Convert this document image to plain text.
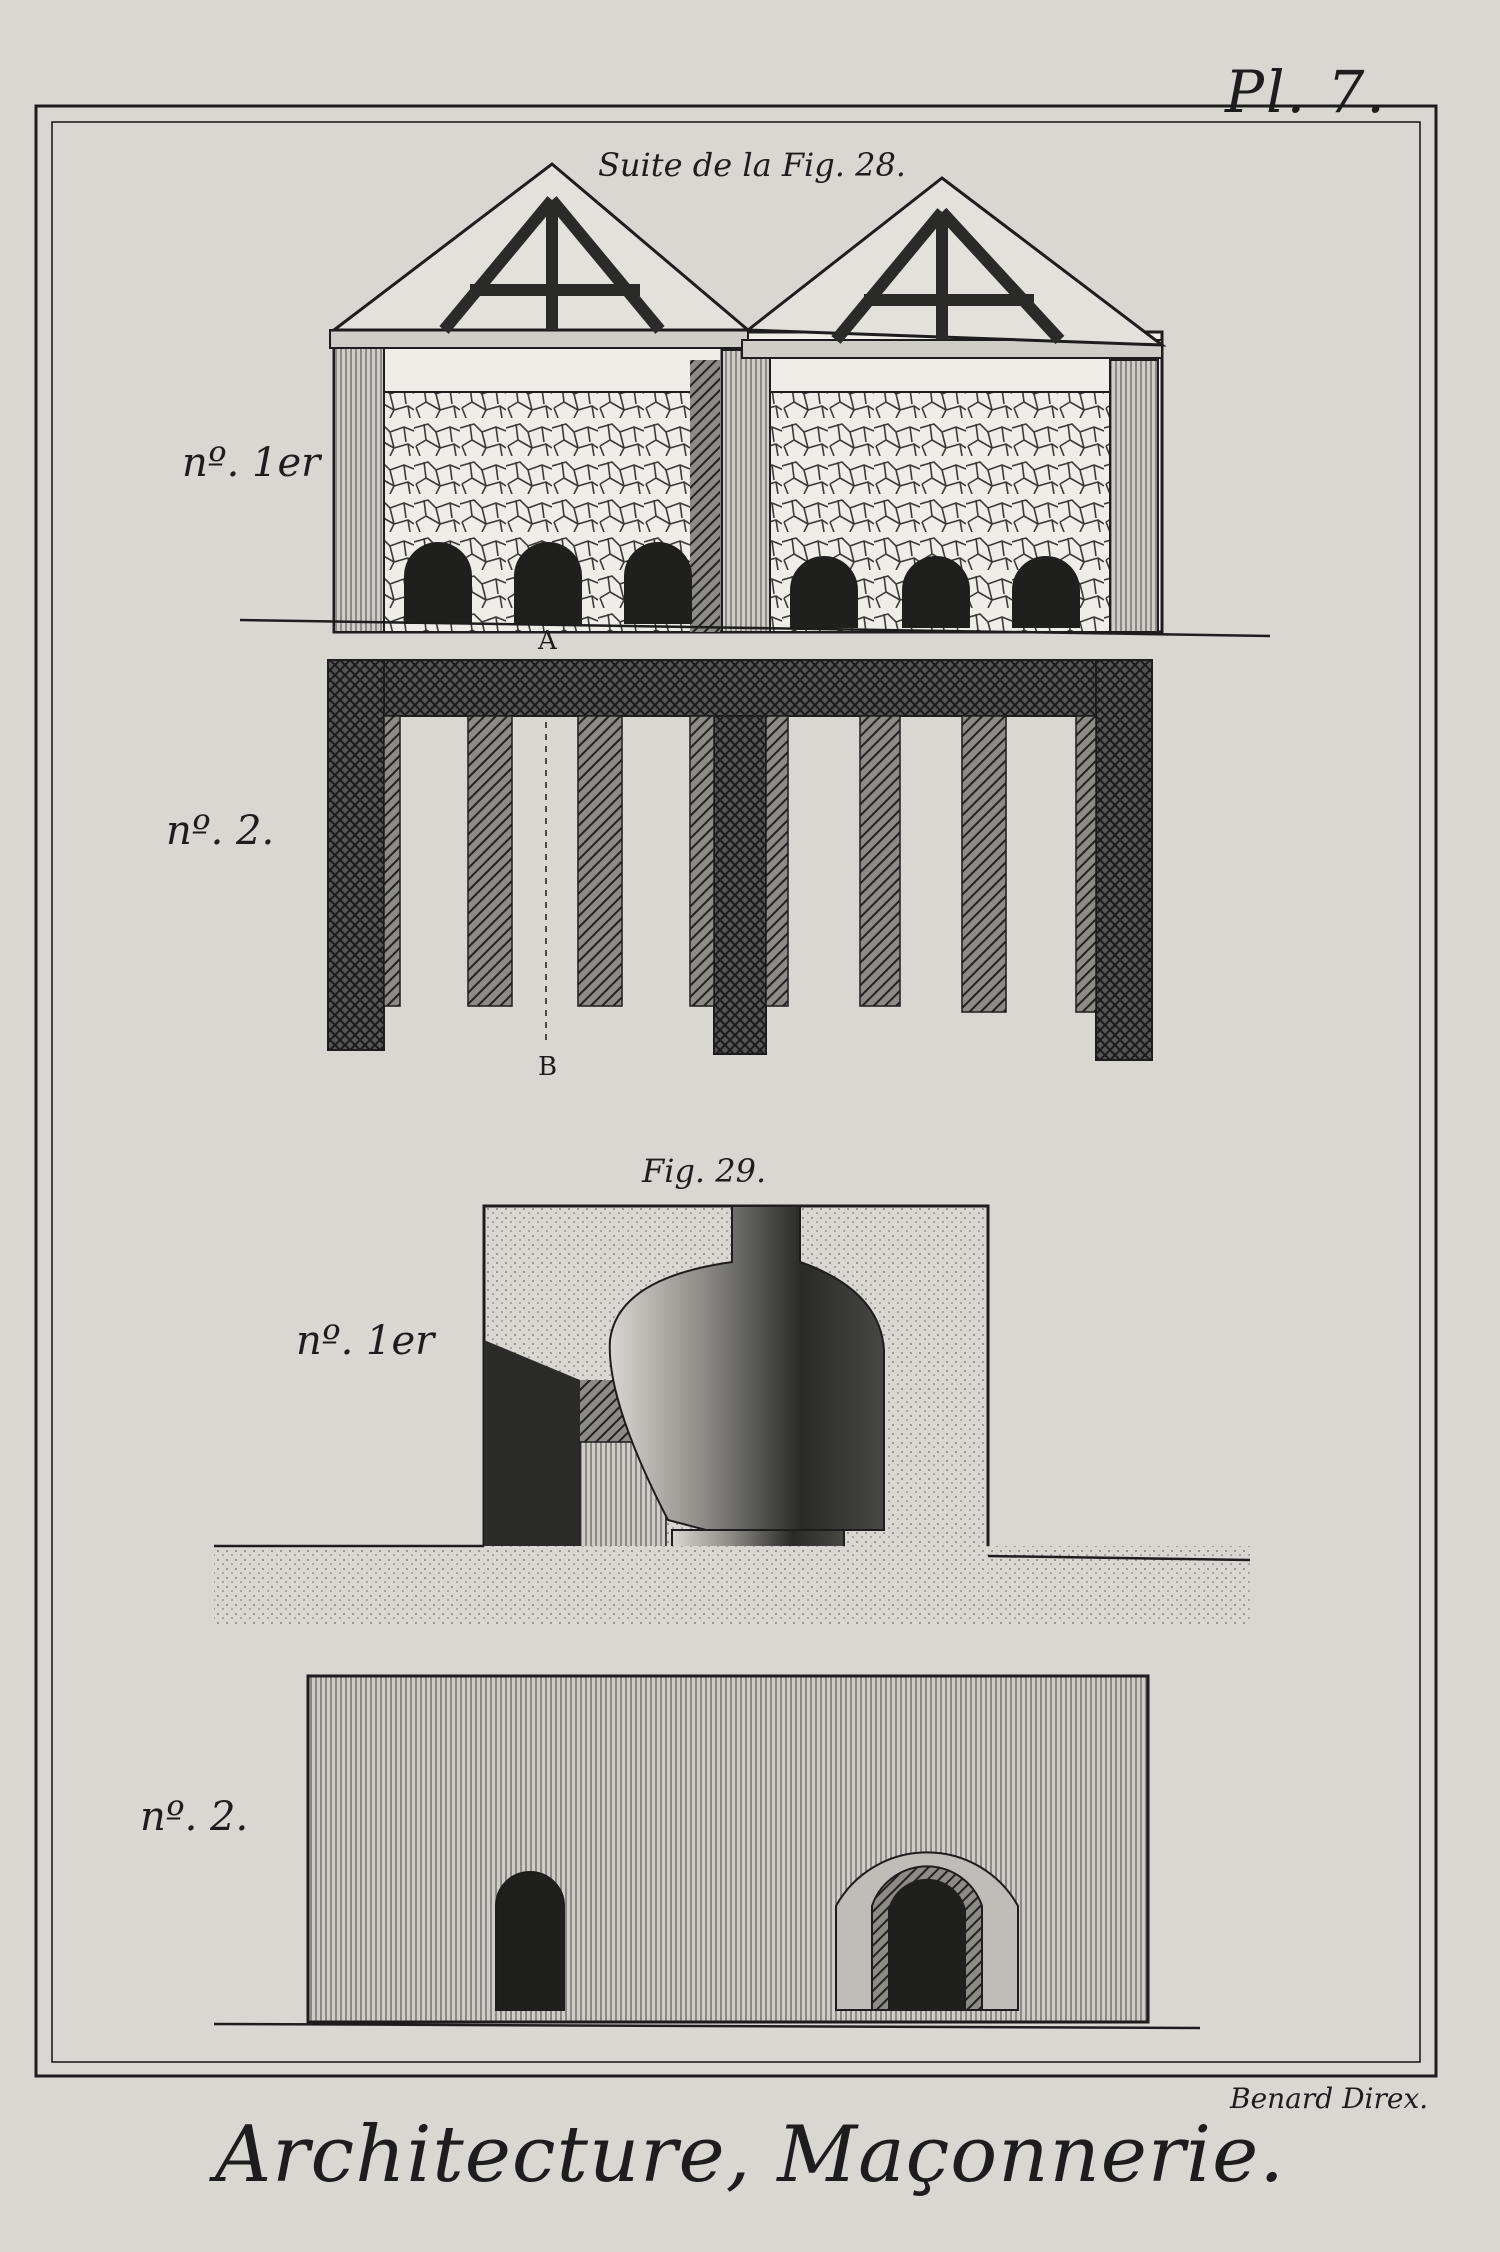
Pl. 7.
Suite de la Fig. 28.
nº. 1er
nº. 2.
A
B
Fig. 29.
nº. 1er
nº. 2.
Benard Direx.
Architecture, Maçonnerie.
